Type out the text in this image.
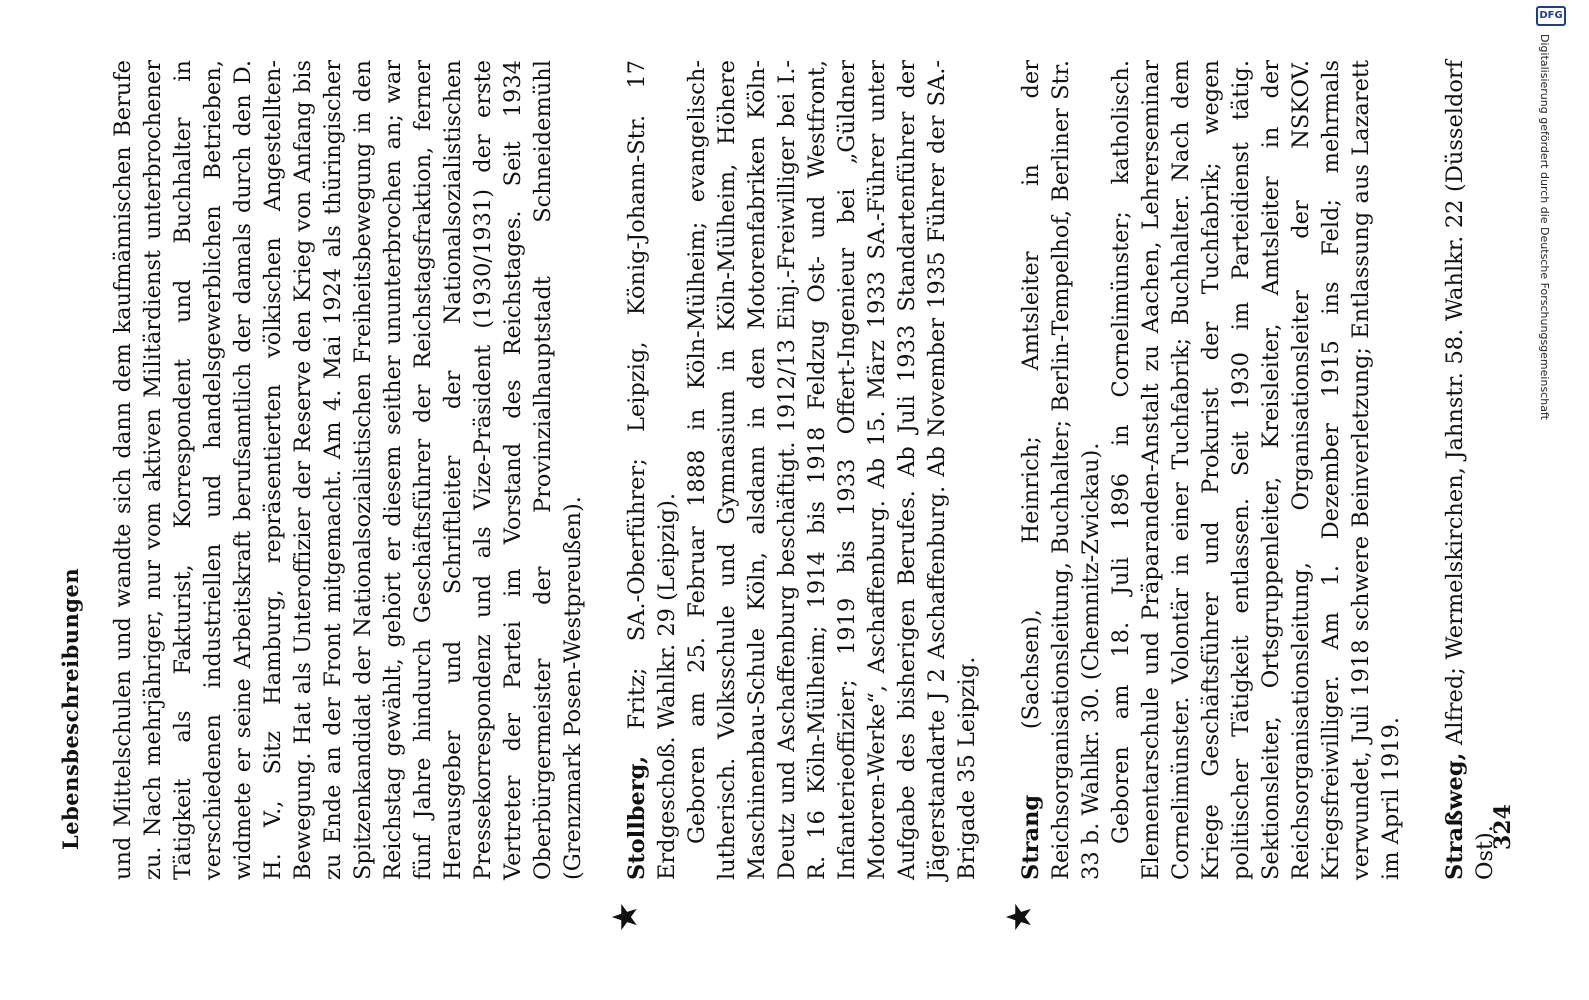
Lebensbeschreibungen und Mittelschulen und wandte sich dann dem kaufmännischen Berufe zu. Nach mehrjähriger, nur vom aktiven Militärdienst unterbrochener Tätigkeit als Fakturist, Korrespondent und Buchhalter in verschiedenen industriellen und handelsgewerblichen Betrieben, widmete er seine Arbeitskraft berufsamtlich der damals durch den D. H. V., Sitz Hamburg, repräsentierten völkischen Angestellten-Bewegung. Hat als Unteroffizier der Reserve den Krieg von Anfang bis zu Ende an der Front mitgemacht. Am 4. Mai 1924 als thüringischer Spitzenkandidat der Nationalsozialistischen Freiheitsbewegung in den Reichstag gewählt, gehört er diesem seither ununterbrochen an; war fünf Jahre hindurch Geschäftsführer der Reichstagsfraktion, ferner Herausgeber und Schriftleiter der Nationalsozialistischen Pressekorrespondenz und als Vize-Präsident (1930/1931) der erste Vertreter der Partei im Vorstand des Reichstages. Seit 1934 Oberbürgermeister der Provinzialhauptstadt Schneidemühl (Grenzmark Posen-Westpreußen). Stollberg, Fritz; SA.-Oberführer; Leipzig, König-Johann-Str. 17 Erdgeschoß. Wahlkr. 29 (Leipzig). Geboren am 25. Februar 1888 in Köln-Mülheim; evangelisch-lutherisch. Volksschule und Gymnasium in Köln-Mülheim, Höhere Maschinenbau-Schule Köln, alsdann in den Motorenfabriken Köln-Deutz und Aschaffenburg beschäftigt. 1912/13 Einj.-Freiwilliger bei I.-R. 16 Köln-Mülheim; 1914 bis 1918 Feldzug Ost- und Westfront, Infanterieoffizier; 1919 bis 1933 Offert-Ingenieur bei „Güldner Motoren-Werke“, Aschaffenburg. Ab 15. März 1933 SA.-Führer unter Aufgabe des bisherigen Berufes. Ab Juli 1933 Standartenführer der Jägerstandarte J 2 Aschaffenburg. Ab November 1935 Führer der SA.-Brigade 35 Leipzig. Strang (Sachsen), Heinrich; Amtsleiter in der Reichsorganisationsleitung, Buchhalter; Berlin-Tempelhof, Berliner Str. 33 b. Wahlkr. 30. (Chemnitz-Zwickau). Geboren am 18. Juli 1896 in Cornelimünster; katholisch. Elementarschule und Präparanden-Anstalt zu Aachen, Lehrerseminar Cornelimünster. Volontär in einer Tuchfabrik; Buchhalter. Nach dem Kriege Geschäftsführer und Prokurist der Tuchfabrik; wegen politischer Tätigkeit entlassen. Seit 1930 im Parteidienst tätig. Sektionsleiter, Ortsgruppenleiter, Kreisleiter, Amtsleiter in der Reichsorganisationsleitung, Organisationsleiter der NSKOV. Kriegsfreiwilliger. Am 1. Dezember 1915 ins Feld; mehrmals verwundet, Juli 1918 schwere Beinverletzung; Entlassung aus Lazarett im April 1919. Straßweg, Alfred; Wermelskirchen, Jahnstr. 58. Wahlkr. 22 (Düsseldorf Ost).

324
DFG
Digitalisierung gefördert durch die Deutsche Forschungsgemeinschaft
